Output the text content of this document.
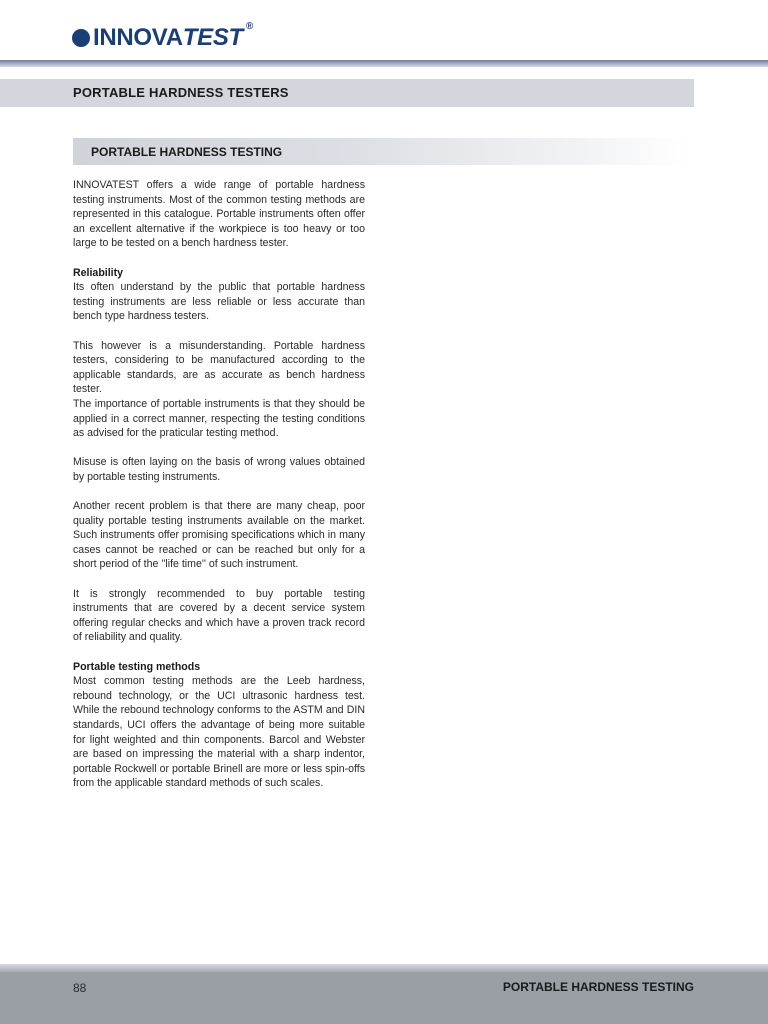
INNOVATEST ®
PORTABLE HARDNESS TESTERS
PORTABLE HARDNESS TESTING

INNOVATEST offers a wide range of portable hardness testing instruments. Most of the common testing methods are represented in this catalogue. Portable instruments often offer an excellent alternative if the workpiece is too heavy or too large to be tested on a bench hardness tester.

Reliability

Its often understand by the public that portable hardness testing instruments are less reliable or less accurate than bench type hardness testers.

This however is a misunderstanding. Portable hardness testers, considering to be manufactured according to the applicable standards, are as accurate as bench hardness tester.

The importance of portable instruments is that they should be applied in a correct manner, respecting the testing conditions as advised for the praticular testing method.

Misuse is often laying on the basis of wrong values obtained by portable testing instruments.

Another recent problem is that there are many cheap, poor quality portable testing instruments available on the market. Such instruments offer promising specifications which in many cases cannot be reached or can be reached but only for a short period of the ''life time'' of such instrument.

It is strongly recommended to buy portable testing instruments that are covered by a decent service system offering regular checks and which have a proven track record of reliability and quality.

Portable testing methods

Most common testing methods are the Leeb hardness, rebound technology, or the UCI ultrasonic hardness test. While the rebound technology conforms to the ASTM and DIN standards, UCI offers the advantage of being more suitable for light weighted and thin components. Barcol and Webster are based on impressing the material with a sharp indentor, portable Rockwell or portable Brinell are more or less spin-offs from the applicable standard methods of such scales.

88	PORTABLE HARDNESS TESTING
